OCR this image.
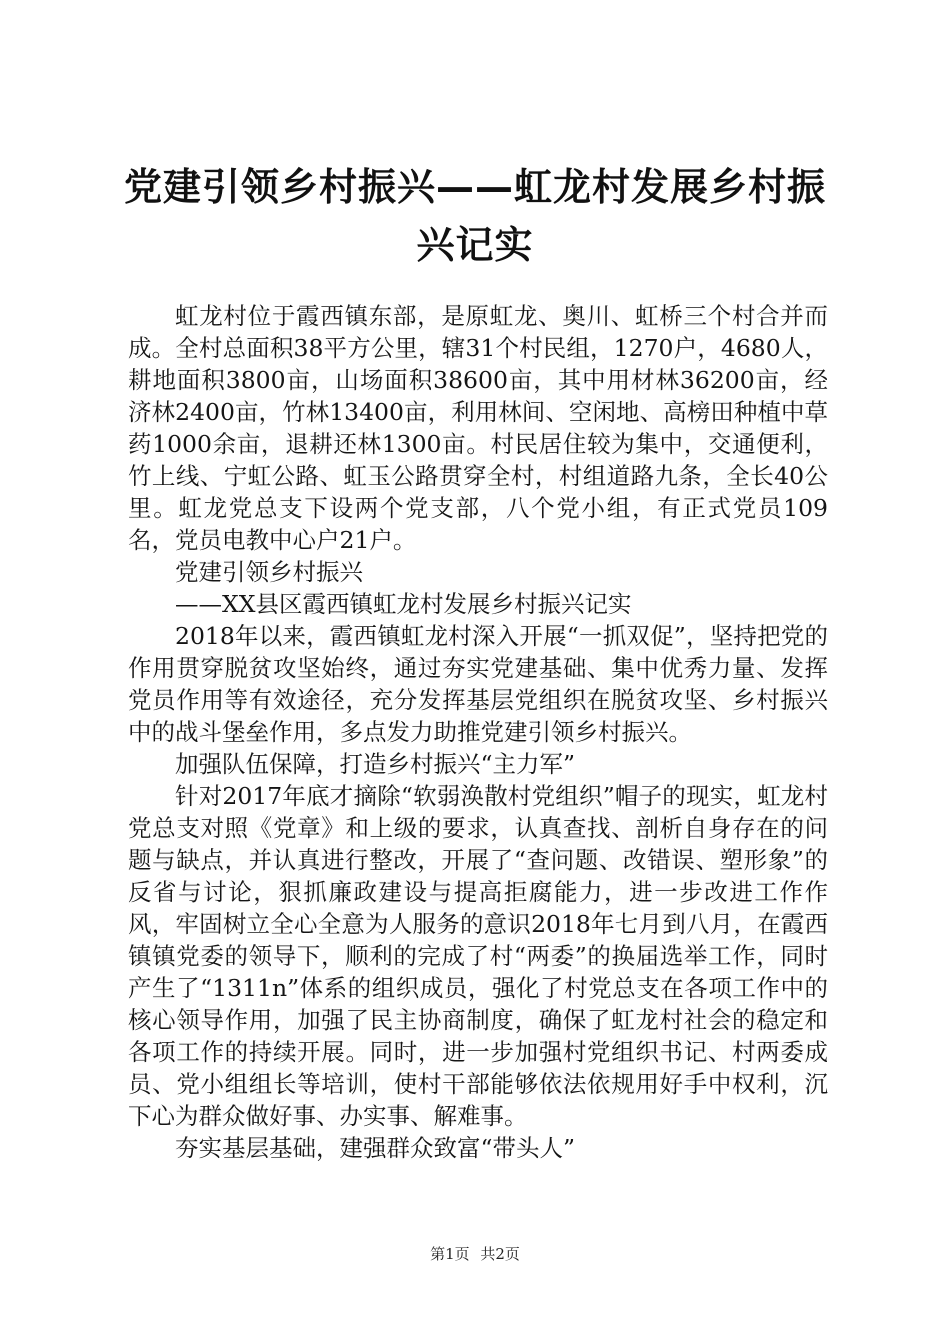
党建引领乡村振兴——虹龙村发展乡村振兴记实

虹龙村位于霞西镇东部，是原虹龙、奥川、虹桥三个村合并而成。全村总面积38平方公里，辖31个村民组，1270户，4680人，耕地面积3800亩，山场面积38600亩，其中用材林36200亩，经济林2400亩，竹林13400亩，利用林间、空闲地、高榜田种植中草药1000余亩，退耕还林1300亩。村民居住较为集中，交通便利，竹上线、宁虹公路、虹玉公路贯穿全村，村组道路九条，全长40公里。虹龙党总支下设两个党支部，八个党小组，有正式党员109名，党员电教中心户21户。

党建引领乡村振兴

——XX县区霞西镇虹龙村发展乡村振兴记实

2018年以来，霞西镇虹龙村深入开展“一抓双促”，坚持把党的作用贯穿脱贫攻坚始终，通过夯实党建基础、集中优秀力量、发挥党员作用等有效途径，充分发挥基层党组织在脱贫攻坚、乡村振兴中的战斗堡垒作用，多点发力助推党建引领乡村振兴。

加强队伍保障，打造乡村振兴“主力军”

针对2017年底才摘除“软弱涣散村党组织”帽子的现实，虹龙村党总支对照《党章》和上级的要求，认真查找、剖析自身存在的问题与缺点，并认真进行整改，开展了“查问题、改错误、塑形象”的反省与讨论，狠抓廉政建设与提高拒腐能力，进一步改进工作作风，牢固树立全心全意为人服务的意识2018年七月到八月，在霞西镇镇党委的领导下，顺利的完成了村“两委”的换届选举工作，同时产生了“1311n”体系的组织成员，强化了村党总支在各项工作中的核心领导作用，加强了民主协商制度，确保了虹龙村社会的稳定和各项工作的持续开展。同时，进一步加强村党组织书记、村两委成员、党小组组长等培训，使村干部能够依法依规用好手中权利，沉下心为群众做好事、办实事、解难事。

夯实基层基础，建强群众致富“带头人”

第1页 共2页
